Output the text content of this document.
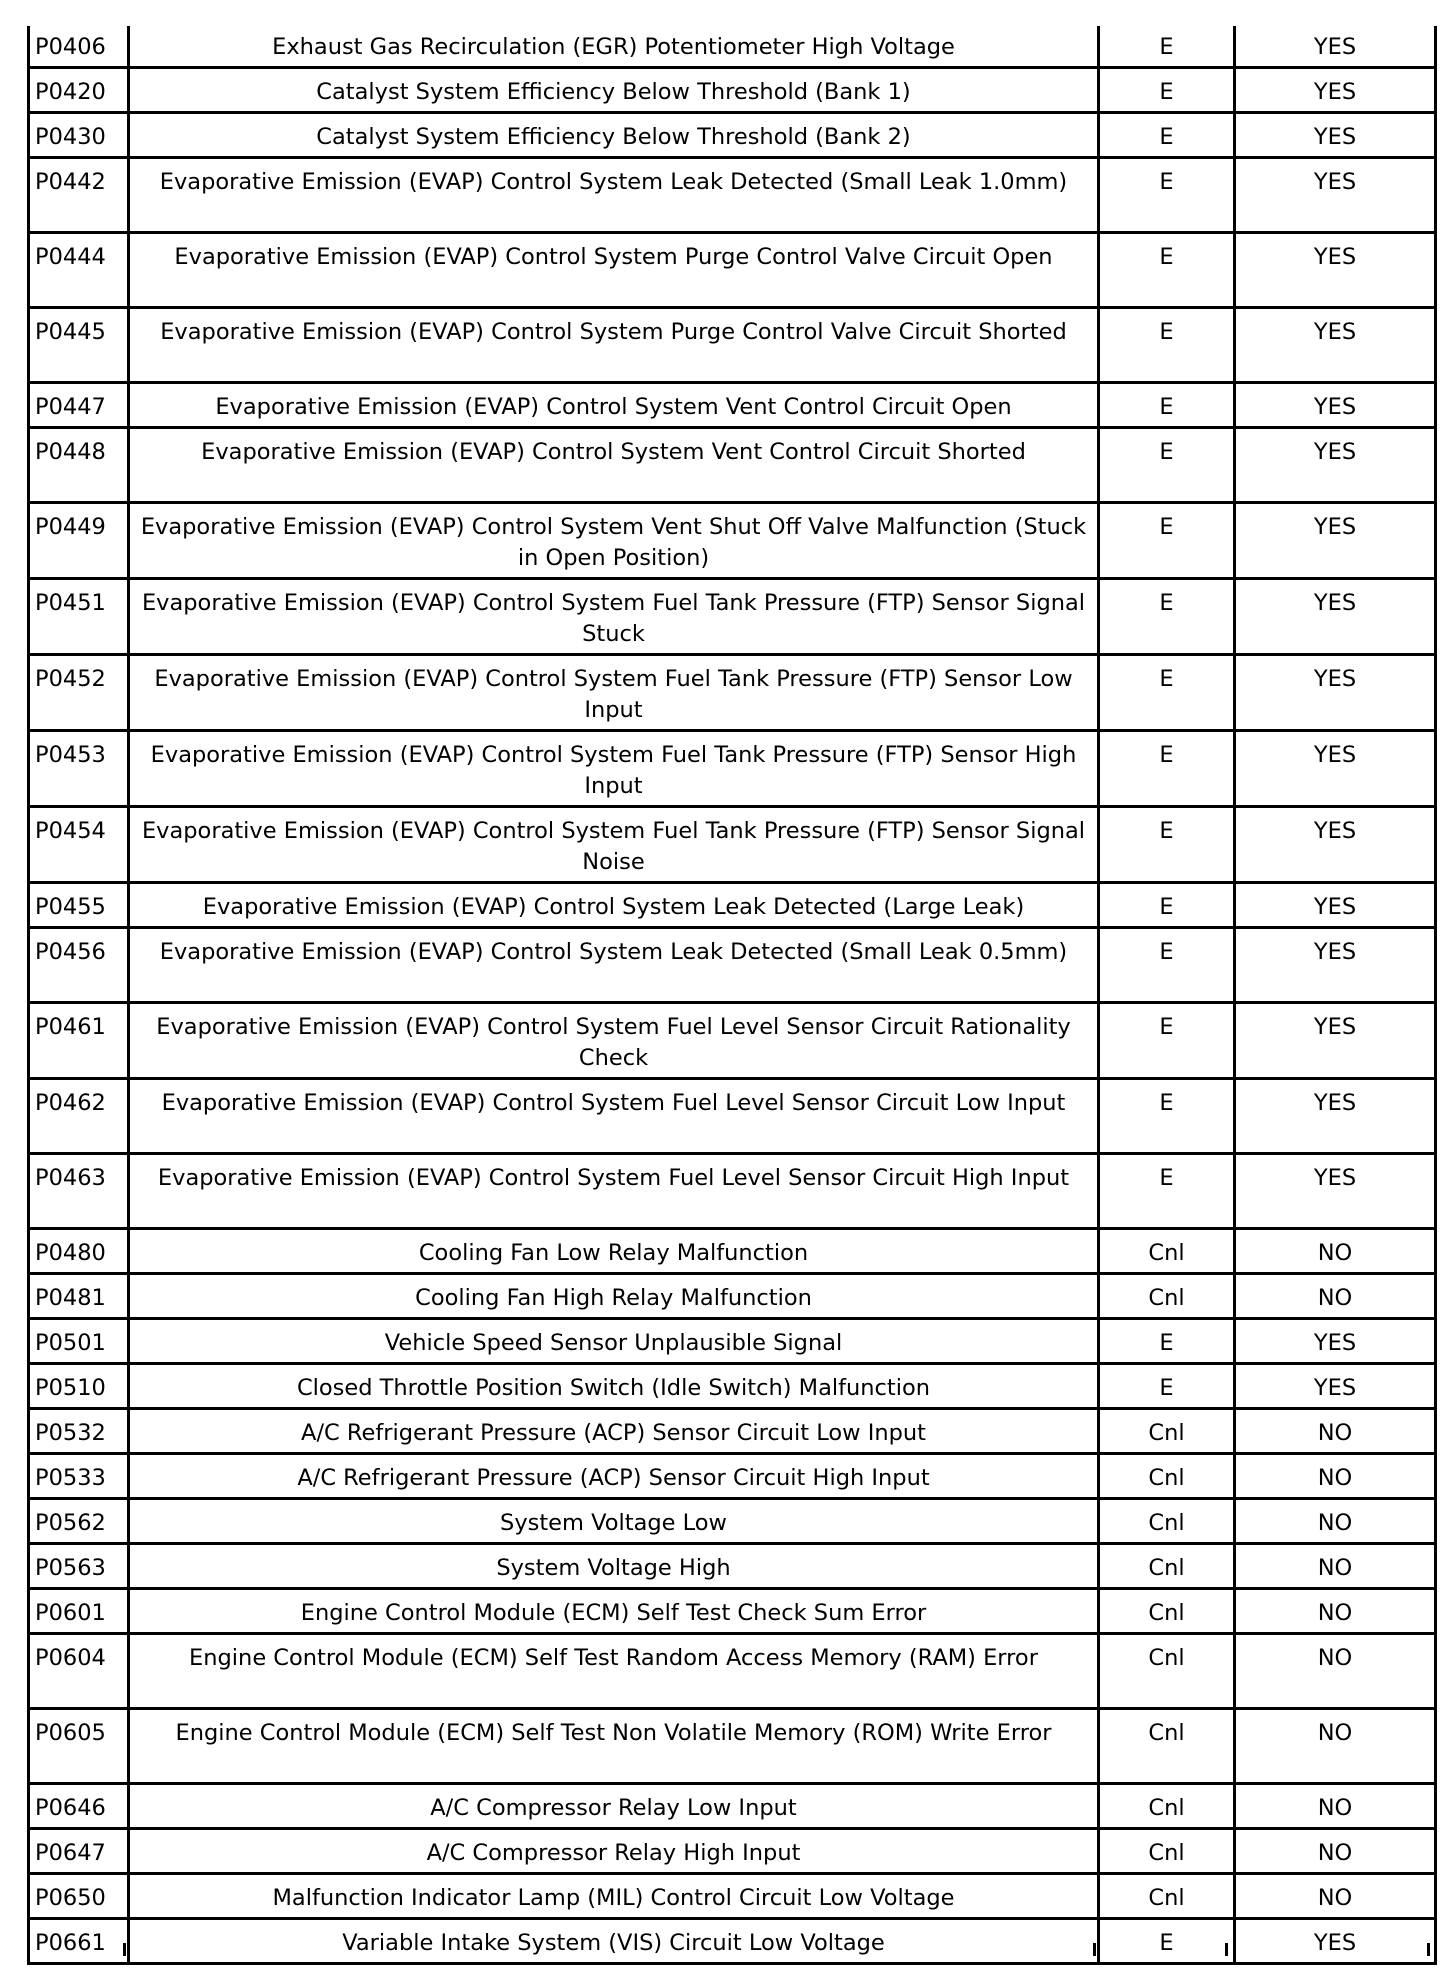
P0406	Exhaust Gas Recirculation (EGR) Potentiometer High Voltage	E	YES
P0420	Catalyst System Efficiency Below Threshold (Bank 1)	E	YES
P0430	Catalyst System Efficiency Below Threshold (Bank 2)	E	YES
P0442	Evaporative Emission (EVAP) Control System Leak Detected (Small Leak 1.0mm)	E	YES
P0444	Evaporative Emission (EVAP) Control System Purge Control Valve Circuit Open	E	YES
P0445	Evaporative Emission (EVAP) Control System Purge Control Valve Circuit Shorted	E	YES
P0447	Evaporative Emission (EVAP) Control System Vent Control Circuit Open	E	YES
P0448	Evaporative Emission (EVAP) Control System Vent Control Circuit Shorted	E	YES
P0449	Evaporative Emission (EVAP) Control System Vent Shut Off Valve Malfunction (Stuck in Open Position)	E	YES
P0451	Evaporative Emission (EVAP) Control System Fuel Tank Pressure (FTP) Sensor Signal Stuck	E	YES
P0452	Evaporative Emission (EVAP) Control System Fuel Tank Pressure (FTP) Sensor Low Input	E	YES
P0453	Evaporative Emission (EVAP) Control System Fuel Tank Pressure (FTP) Sensor High Input	E	YES
P0454	Evaporative Emission (EVAP) Control System Fuel Tank Pressure (FTP) Sensor Signal Noise	E	YES
P0455	Evaporative Emission (EVAP) Control System Leak Detected (Large Leak)	E	YES
P0456	Evaporative Emission (EVAP) Control System Leak Detected (Small Leak 0.5mm)	E	YES
P0461	Evaporative Emission (EVAP) Control System Fuel Level Sensor Circuit Rationality Check	E	YES
P0462	Evaporative Emission (EVAP) Control System Fuel Level Sensor Circuit Low Input	E	YES
P0463	Evaporative Emission (EVAP) Control System Fuel Level Sensor Circuit High Input	E	YES
P0480	Cooling Fan Low Relay Malfunction	Cnl	NO
P0481	Cooling Fan High Relay Malfunction	Cnl	NO
P0501	Vehicle Speed Sensor Unplausible Signal	E	YES
P0510	Closed Throttle Position Switch (Idle Switch) Malfunction	E	YES
P0532	A/C Refrigerant Pressure (ACP) Sensor Circuit Low Input	Cnl	NO
P0533	A/C Refrigerant Pressure (ACP) Sensor Circuit High Input	Cnl	NO
P0562	System Voltage Low	Cnl	NO
P0563	System Voltage High	Cnl	NO
P0601	Engine Control Module (ECM) Self Test Check Sum Error	Cnl	NO
P0604	Engine Control Module (ECM) Self Test Random Access Memory (RAM) Error	Cnl	NO
P0605	Engine Control Module (ECM) Self Test Non Volatile Memory (ROM) Write Error	Cnl	NO
P0646	A/C Compressor Relay Low Input	Cnl	NO
P0647	A/C Compressor Relay High Input	Cnl	NO
P0650	Malfunction Indicator Lamp (MIL) Control Circuit Low Voltage	Cnl	NO
P0661	Variable Intake System (VIS) Circuit Low Voltage	E	YES
